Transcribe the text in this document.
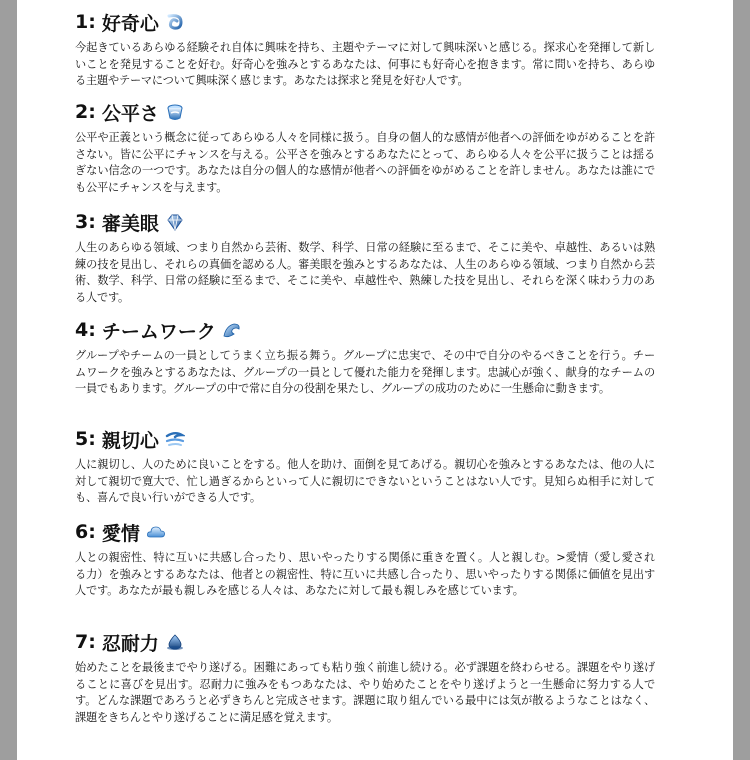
1: 好奇心
今起きているあらゆる経験それ自体に興味を持ち、主題やテーマに対して興味深いと感じる。探求心を発揮して新しいことを発見することを好む。好奇心を強みとするあなたは、何事にも好奇心を抱きます。常に問いを持ち、あらゆる主題やテーマについて興味深く感じます。あなたは探求と発見を好む人です。
2: 公平さ
公平や正義という概念に従ってあらゆる人々を同様に扱う。自身の個人的な感情が他者への評価をゆがめることを許さない。皆に公平にチャンスを与える。公平さを強みとするあなたにとって、あらゆる人々を公平に扱うことは揺るぎない信念の一つです。あなたは自分の個人的な感情が他者への評価をゆがめることを許しません。あなたは誰にでも公平にチャンスを与えます。
3: 審美眼
人生のあらゆる領域、つまり自然から芸術、数学、科学、日常の経験に至るまで、そこに美や、卓越性、あるいは熟練の技を見出し、それらの真価を認める人。審美眼を強みとするあなたは、人生のあらゆる領域、つまり自然から芸術、数学、科学、日常の経験に至るまで、そこに美や、卓越性や、熟練した技を見出し、それらを深く味わう力のある人です。
4: チームワーク
グループやチームの一員としてうまく立ち振る舞う。グループに忠実で、その中で自分のやるべきことを行う。チームワークを強みとするあなたは、グループの一員として優れた能力を発揮します。忠誠心が強く、献身的なチームの一員でもあります。グループの中で常に自分の役割を果たし、グループの成功のために一生懸命に動きます。
5: 親切心
人に親切し、人のために良いことをする。他人を助け、面倒を見てあげる。親切心を強みとするあなたは、他の人に対して親切で寛大で、忙し過ぎるからといって人に親切にできないということはない人です。見知らぬ相手に対しても、喜んで良い行いができる人です。
6: 愛情
人との親密性、特に互いに共感し合ったり、思いやったりする関係に重きを置く。人と親しむ。>愛情（愛し愛される力）を強みとするあなたは、他者との親密性、特に互いに共感し合ったり、思いやったりする関係に価値を見出す人です。あなたが最も親しみを感じる人々は、あなたに対して最も親しみを感じています。
7: 忍耐力
始めたことを最後までやり遂げる。困難にあっても粘り強く前進し続ける。必ず課題を終わらせる。課題をやり遂げることに喜びを見出す。忍耐力に強みをもつあなたは、やり始めたことをやり遂げようと一生懸命に努力する人です。どんな課題であろうと必ずきちんと完成させます。課題に取り組んでいる最中には気が散るようなことはなく、課題をきちんとやり遂げることに満足感を覚えます。
